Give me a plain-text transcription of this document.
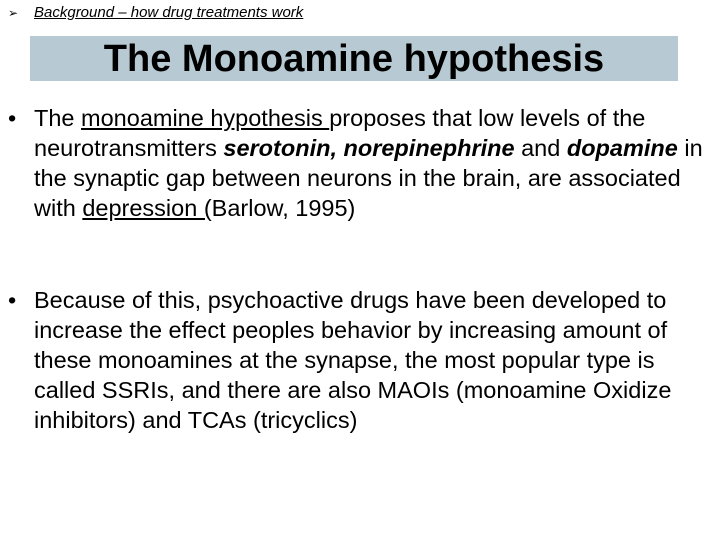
➢ Background – how drug treatments work
The Monoamine hypothesis
• The monoamine hypothesis proposes that low levels of the neurotransmitters serotonin, norepinephrine and dopamine in the synaptic gap between neurons in the brain, are associated with depression (Barlow, 1995)
• Because of this, psychoactive drugs have been developed to increase the effect peoples behavior by increasing amount of these monoamines at the synapse, the most popular type is called SSRIs, and there are also MAOIs (monoamine Oxidize inhibitors) and TCAs (tricyclics)
